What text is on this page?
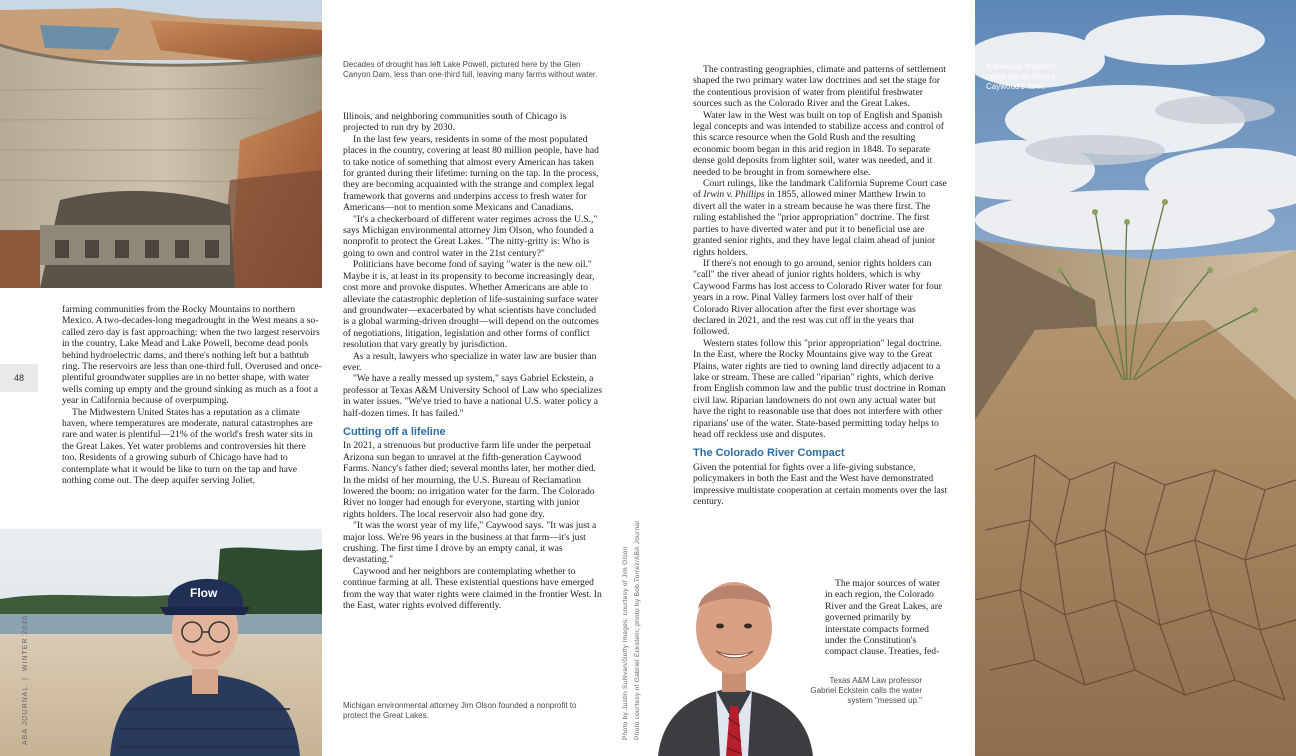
Decades of drought has left Lake Powell, pictured here by the Glen Canyon Dam, less than one-third full, leaving many farms without water.
48

farming communities from the Rocky Mountains to northern Mexico. A two-decades-long megadrought in the West means a so-called zero day is fast approaching: when the two largest reservoirs in the country, Lake Mead and Lake Powell, become dead pools behind hydroelectric dams, and there's nothing left but a bathtub ring. The reservoirs are less than one-third full. Overused and once-plentiful groundwater supplies are in no better shape, with water wells coming up empty and the ground sinking as much as a foot a year in California because of overpumping.

The Midwestern United States has a reputation as a climate haven, where temperatures are moderate, natural catastrophes are rare and water is plentiful—21% of the world's fresh water sits in the Great Lakes. Yet water problems and controversies hit there too. Residents of a growing suburb of Chicago have had to contemplate what it would be like to turn on the tap and have nothing come out. The deep aquifer serving Joliet,

Flow
ABA JOURNAL  |  WINTER 2026

Illinois, and neighboring communities south of Chicago is projected to run dry by 2030.

In the last few years, residents in some of the most populated places in the country, covering at least 80 million people, have had to take notice of something that almost every American has taken for granted during their lifetime: turning on the tap. In the process, they are becoming acquainted with the strange and complex legal framework that governs and underpins access to fresh water for Americans—not to mention some Mexicans and Canadians.

"It's a checkerboard of different water regimes across the U.S.," says Michigan environmental attorney Jim Olson, who founded a nonprofit to protect the Great Lakes. "The nitty-gritty is: Who is going to own and control water in the 21st century?"

Politicians have become fond of saying "water is the new oil." Maybe it is, at least in its propensity to become increasingly dear, cost more and provoke disputes. Whether Americans are able to alleviate the catastrophic depletion of life-sustaining surface water and groundwater—exacerbated by what scientists have concluded is a global warming-driven drought—will depend on the outcomes of negotiations, litigation, legislation and other forms of conflict resolution that vary greatly by jurisdiction.

As a result, lawyers who specialize in water law are busier than ever.

"We have a really messed up system," says Gabriel Eckstein, a professor at Texas A&M University School of Law who specializes in water issues. "We've tried to have a national U.S. water policy a half-dozen times. It has failed."

Cutting off a lifeline

In 2021, a strenuous but productive farm life under the perpetual Arizona sun began to unravel at the fifth-generation Caywood Farms. Nancy's father died; several months later, her mother died. In the midst of her mourning, the U.S. Bureau of Reclamation lowered the boom: no irrigation water for the farm. The Colorado River no longer had enough for everyone, starting with junior rights holders. The local reservoir also had gone dry.

"It was the worst year of my life," Caywood says. "It was just a major loss. We're 96 years in the business at that farm—it's just crushing. The first time I drove by an empty canal, it was devastating."

Caywood and her neighbors are contemplating whether to continue farming at all. These existential questions have emerged from the way that water rights were claimed in the frontier West. In the East, water rights evolved differently.

Michigan environmental attorney Jim Olson founded a nonprofit to protect the Great Lakes.	Photo by Justin Sullivan/Getty Images; courtesy of Jim Olson Photo courtesy of Gabriel Eckstein; photo by Bob Torrez/ABA Journal

The contrasting geographies, climate and patterns of settlement shaped the two primary water law doctrines and set the stage for the contentious provision of water from plentiful freshwater sources such as the Colorado River and the Great Lakes.

Water law in the West was built on top of English and Spanish legal concepts and was intended to stabilize access and control of this scarce resource when the Gold Rush and the resulting economic boom began in this arid region in 1848. To separate dense gold deposits from lighter soil, water was needed, and it needed to be brought in from somewhere else.

Court rulings, like the landmark California Supreme Court case of Irwin v. Phillips in 1855, allowed miner Matthew Irwin to divert all the water in a stream because he was there first. The ruling established the "prior appropriation" doctrine. The first parties to have diverted water and put it to beneficial use are granted senior rights, and they have legal claim ahead of junior rights holders.

If there's not enough to go around, senior rights holders can "call" the river ahead of junior rights holders, which is why Caywood Farms has lost access to Colorado River water for four years in a row. Pinal Valley farmers lost over half of their Colorado River allocation after the first ever shortage was declared in 2021, and the rest was cut off in the years that followed.

Western states follow this "prior appropriation" legal doctrine. In the East, where the Rocky Mountains give way to the Great Plains, water rights are tied to owning land directly adjacent to a lake or stream. These are called "riparian" rights, which derive from English common law and the public trust doctrine in Roman civil law. Riparian landowners do not own any actual water but have the right to reasonable use that does not interfere with other riparians' use of the water. State-based permitting today helps to head off reckless use and disputes.

The Colorado River Compact

Given the potential for fights over a life-giving substance, policymakers in both the East and the West have demonstrated impressive multistate cooperation at certain moments over the last century.

The major sources of water in each region, the Colorado River and the Great Lakes, are governed primarily by interstate compacts formed under the Constitution's compact clause. Treaties, fed-

Texas A&M Law professor Gabriel Eckstein calls the water system "messed up."
A dried-up irrigation canal sits on Nancy Caywood's farm.
